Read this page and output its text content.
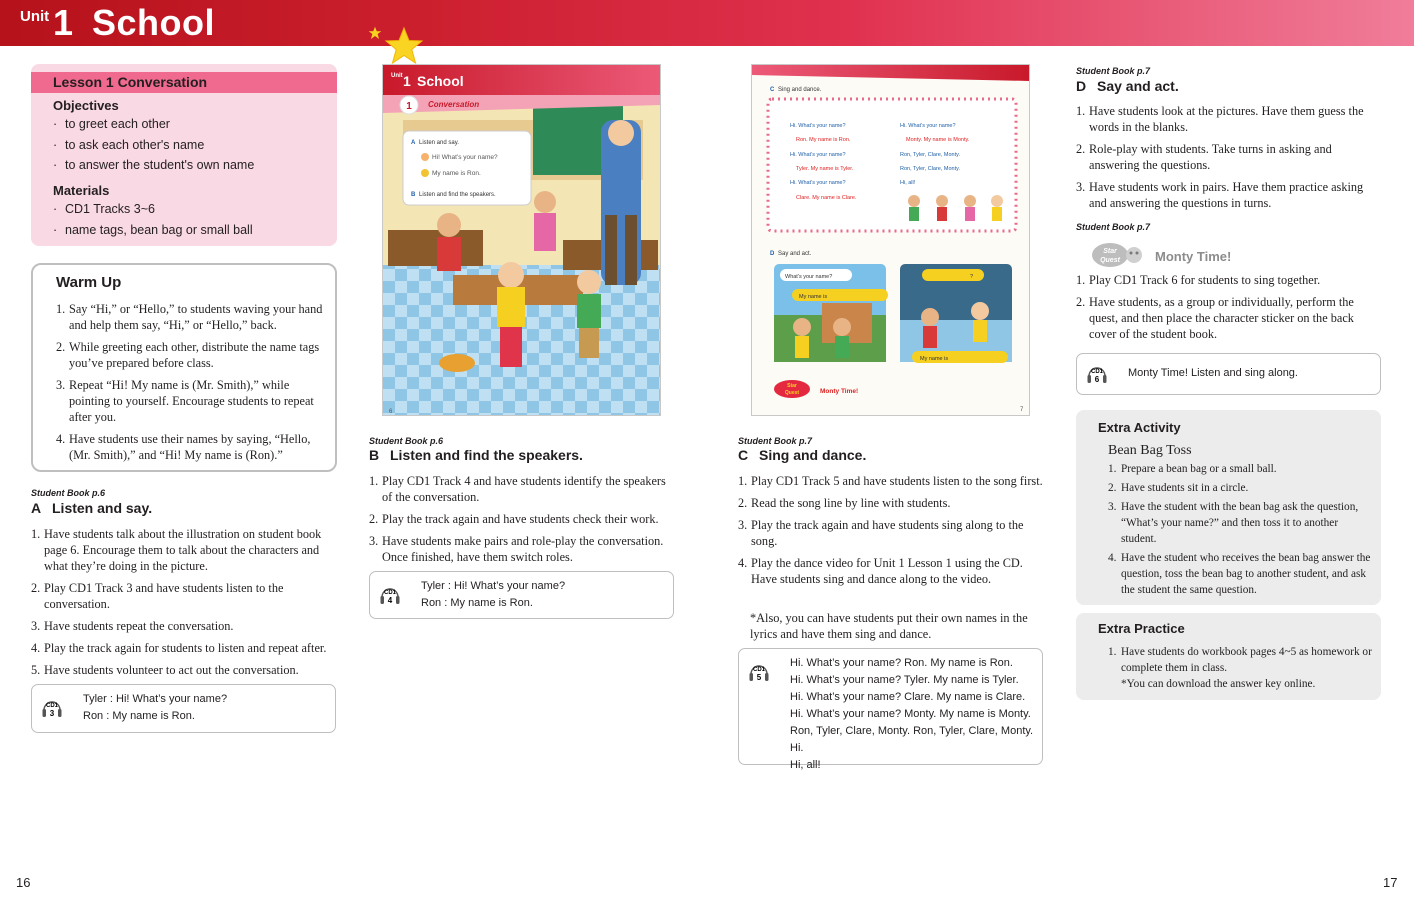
Unit 1 School
Lesson 1 Conversation
Objectives
· to greet each other
· to ask each other's name
· to answer the student's own name
Materials
· CD1 Tracks 3~6
· name tags, bean bag or small ball
Warm Up
1. Say “Hi,” or “Hello,” to students waving your hand and help them say, “Hi,” or “Hello,” back.
2. While greeting each other, distribute the name tags you’ve prepared before class.
3. Repeat “Hi! My name is (Mr. Smith),” while pointing to yourself. Encourage students to repeat after you.
4. Have students use their names by saying, “Hello, (Mr. Smith),” and “Hi! My name is (Ron).”
Student Book p.6
A Listen and say.
1. Have students talk about the illustration on student book page 6. Encourage them to talk about the characters and what they’re doing in the picture.
2. Play CD1 Track 3 and have students listen to the conversation.
3. Have students repeat the conversation.
4. Play the track again for students to listen and repeat after.
5. Have students volunteer to act out the conversation.
CD1
3
Tyler : Hi! What’s your name?
Ron : My name is Ron.
Unit 1 School
1 Conversation
A Listen and say.
Hi! What’s your name?
My name is Ron.
B Listen and find the speakers.
6
Student Book p.6
B Listen and find the speakers.
1. Play CD1 Track 4 and have students identify the speakers of the conversation.
2. Play the track again and have students check their work.
3. Have students make pairs and role-play the conversation. Once finished, have them switch roles.
CD1
4
Tyler : Hi! What’s your name?
Ron : My name is Ron.
C Sing and dance.
Hi. What’s your name?
Ron. My name is Ron.
Hi. What’s your name?
Tyler. My name is Tyler.
Hi. What’s your name?
Clare. My name is Clare.
Hi. What’s your name?
Monty. My name is Monty.
Ron, Tyler, Clare, Monty.
Ron, Tyler, Clare, Monty.
Hi, all!
D Say and act.
What’s your name?
My name is
?
My name is
Star
Quest	Monty Time!
7
Student Book p.7
C Sing and dance.
1. Play CD1 Track 5 and have students listen to the song first.
2. Read the song line by line with students.
3. Play the track again and have students sing along to the song.
4. Play the dance video for Unit 1 Lesson 1 using the CD. Have students sing and dance along to the video.
*Also, you can have students put their own names in the lyrics and have them sing and dance.
CD1
5
Hi. What’s your name? Ron. My name is Ron.
Hi. What’s your name? Tyler. My name is Tyler.
Hi. What’s your name? Clare. My name is Clare.
Hi. What’s your name? Monty. My name is Monty.
Ron, Tyler, Clare, Monty. Ron, Tyler, Clare, Monty. Hi.
Hi, all!
Student Book p.7
D Say and act.
1. Have students look at the pictures. Have them guess the words in the blanks.
2. Role-play with students. Take turns in asking and answering the questions.
3. Have students work in pairs. Have them practice asking and answering the questions in turns.
Student Book p.7
Star
Quest	Monty Time!
1. Play CD1 Track 6 for students to sing together.
2. Have students, as a group or individually, perform the quest, and then place the character sticker on the back cover of the student book.
CD1
6
Monty Time! Listen and sing along.
Extra Activity
Bean Bag Toss
1. Prepare a bean bag or a small ball.
2. Have students sit in a circle.
3. Have the student with the bean bag ask the question, “What’s your name?” and then toss it to another student.
4. Have the student who receives the bean bag answer the question, toss the bean bag to another student, and ask the student the same question.
Extra Practice
1. Have students do workbook pages 4~5 as homework or complete them in class.
*You can download the answer key online.
16	17
